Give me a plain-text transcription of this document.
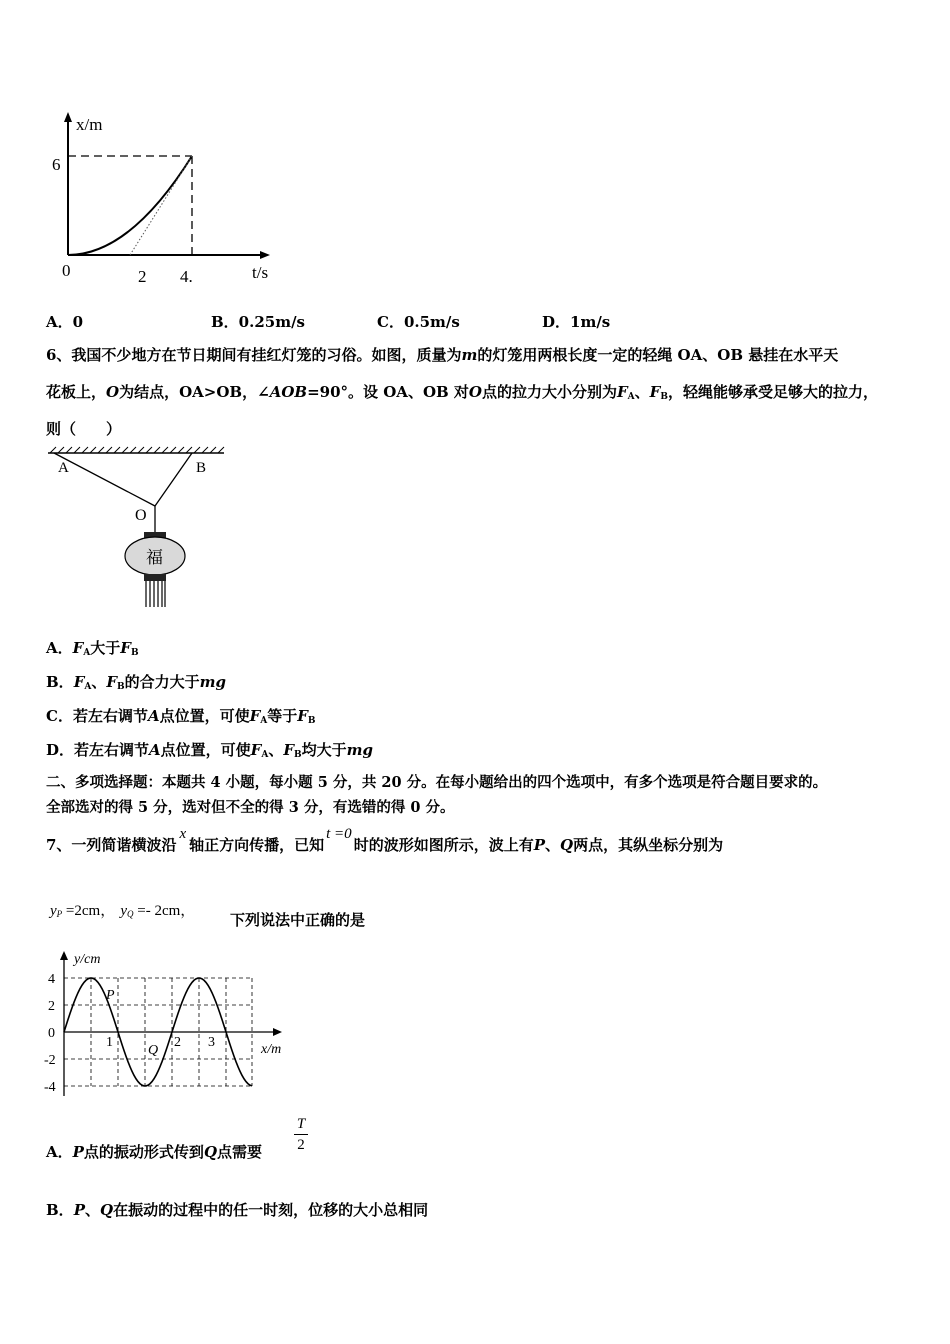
x/m
t/s
6
0	2 4.
A．0	B．0.25m/s	C．0.5m/s	D．1m/s
6、我国不少地方在节日期间有挂红灯笼的习俗。如图，质量为m的灯笼用两根长度一定的轻绳 OA、OB 悬挂在水平天
花板上，O为结点，OA>OB，∠AOB=90°。设 OA、OB 对O点的拉力大小分别为$F_A$、$F_B$，轻绳能够承受足够大的拉力，
则（　　）
A	B
O
福
A．$F_A$大于$F_B$
B．$F_A$、$F_B$的合力大于mg
C．若左右调节A点位置，可使$F_A$等于$F_B$
D．若左右调节A点位置，可使$F_A$、$F_B$均大于mg
二、多项选择题：本题共 4 小题，每小题 5 分，共 20 分。在每小题给出的四个选项中，有多个选项是符合题目要求的。
全部选对的得 5 分，选对但不全的得 3 分，有选错的得 0 分。
7、一列简谐横波沿x轴正方向传播，已知t =0时的波形如图所示，波上有P、Q两点，其纵坐标分别为
$y_P =2cm$， $y_Q =- 2cm$， 下列说法中正确的是
y/cm
x/m
4
2
0
-2
-4
1	2 3
P
Q
A．P点的振动形式传到Q点需要
T
2
B．P、Q在振动的过程中的任一时刻，位移的大小总相同
